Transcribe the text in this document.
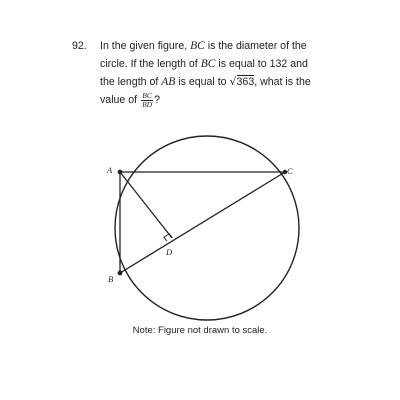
92.	In the given figure, BC is the diameter of the
circle. If the length of BC is equal to 132 and
the length of AB is equal to √363, what is the
value of $\frac{BC}{BD}$ ?
A
B
C
D
Note: Figure not drawn to scale.
